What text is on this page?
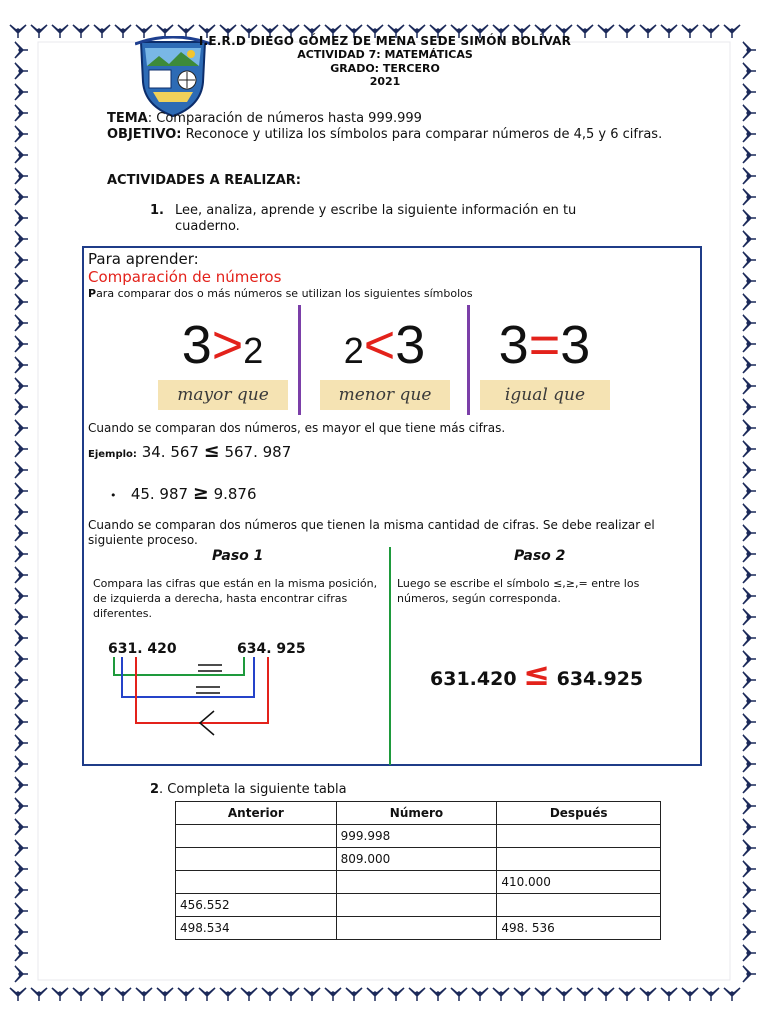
I.E.R.D DIEGO GÓMEZ DE MENA SEDE SIMÓN BOLÍVAR
ACTIVIDAD 7: MATEMÁTICAS
GRADO: TERCERO
2021
TEMA: Comparación de números hasta 999.999
OBJETIVO: Reconoce y utiliza los símbolos para comparar números de 4,5 y 6 cifras.
ACTIVIDADES A REALIZAR:
1. Lee, analiza, aprende y escribe la siguiente información en tu cuaderno.
Para aprender:
Comparación de números
Para comparar dos o más números se utilizan los siguientes símbolos
3>2
mayor que
2<3
menor que
3=3
igual que
Cuando se comparan dos números, es mayor el que tiene más cifras.
Ejemplo: 34. 567 ≤ 567. 987
• 45. 987 ≥ 9.876
Cuando se comparan dos números que tienen la misma cantidad de cifras. Se debe realizar el siguiente proceso.
Paso 1	Paso 2
Compara las cifras que están en la misma posición, de izquierda a derecha, hasta encontrar cifras diferentes.
Luego se escribe el símbolo ≤,≥,= entre los números, según corresponda.
631. 420	634. 925
631.420 ≤ 634.925
2. Completa la siguiente tabla
Anterior	Número	Después
	999.998	
	809.000	
		410.000
456.552		
498.534		498. 536
